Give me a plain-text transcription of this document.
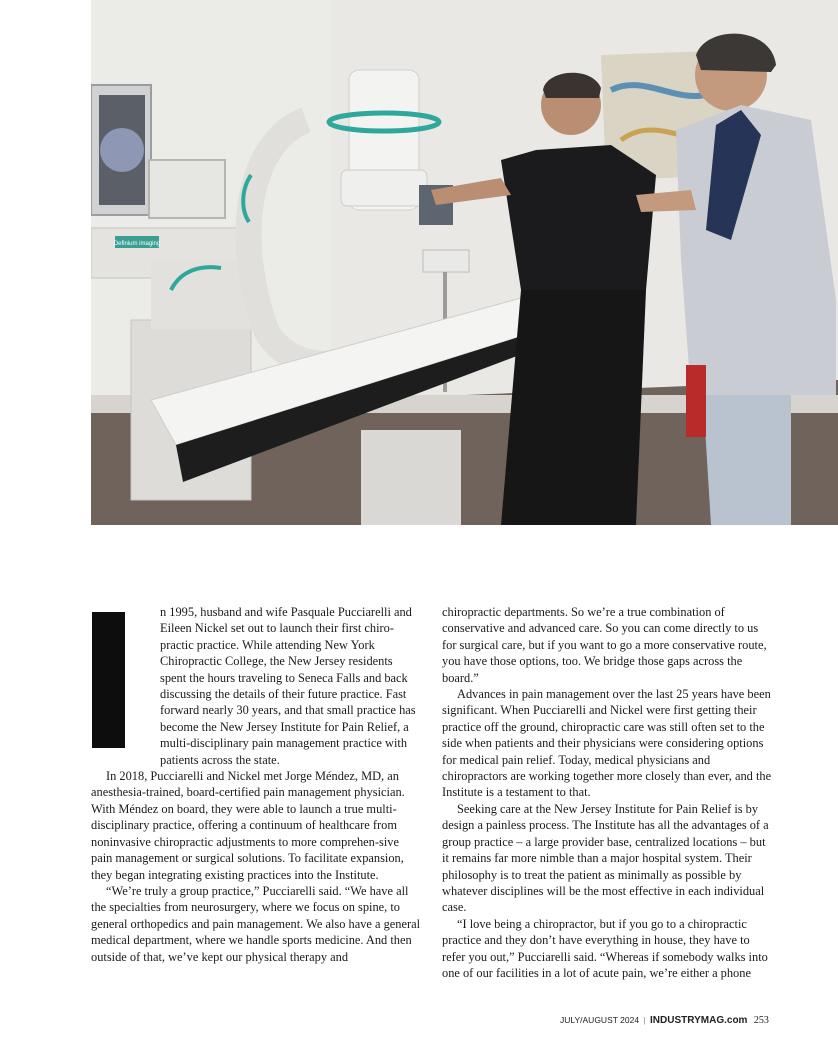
Definium imaging

n 1995, husband and wife Pasquale Pucciarelli and
Eileen Nickel set out to launch their first chiro-
practic practice. While attending New York
Chiropractic College, the New Jersey residents
spent the hours traveling to Seneca Falls and back
discussing the details of their future practice. Fast
forward nearly 30 years, and that small practice has
become the New Jersey Institute for Pain Relief, a
multi-disciplinary pain management practice with
patients across the state.

In 2018, Pucciarelli and Nickel met Jorge Méndez, MD, an anesthesia-trained, board-certified pain management physician. With Méndez on board, they were able to launch a true multi-disciplinary practice, offering a continuum of healthcare from noninvasive chiropractic adjustments to more comprehen-sive pain management or surgical solutions. To facilitate expansion, they began integrating existing practices into the Institute.

“We’re truly a group practice,” Pucciarelli said. “We have all the specialties from neurosurgery, where we focus on spine, to general orthopedics and pain management. We also have a general medical department, where we handle sports medicine. And then outside of that, we’ve kept our physical therapy and

chiropractic departments. So we’re a true combination of conservative and advanced care. So you can come directly to us for surgical care, but if you want to go a more conservative route, you have those options, too. We bridge those gaps across the board.”

Advances in pain management over the last 25 years have been significant. When Pucciarelli and Nickel were first getting their practice off the ground, chiropractic care was still often set to the side when patients and their physicians were considering options for medical pain relief. Today, medical physicians and chiropractors are working together more closely than ever, and the Institute is a testament to that.

Seeking care at the New Jersey Institute for Pain Relief is by design a painless process. The Institute has all the advantages of a group practice – a large provider base, centralized locations – but it remains far more nimble than a major hospital system. Their philosophy is to treat the patient as minimally as possible by whatever disciplines will be the most effective in each individual case.

“I love being a chiropractor, but if you go to a chiropractic practice and they don’t have everything in house, they have to refer you out,” Pucciarelli said. “Whereas if somebody walks into one of our facilities in a lot of acute pain, we’re either a phone

JULY/AUGUST 2024 | INDUSTRYMAG.com 253
